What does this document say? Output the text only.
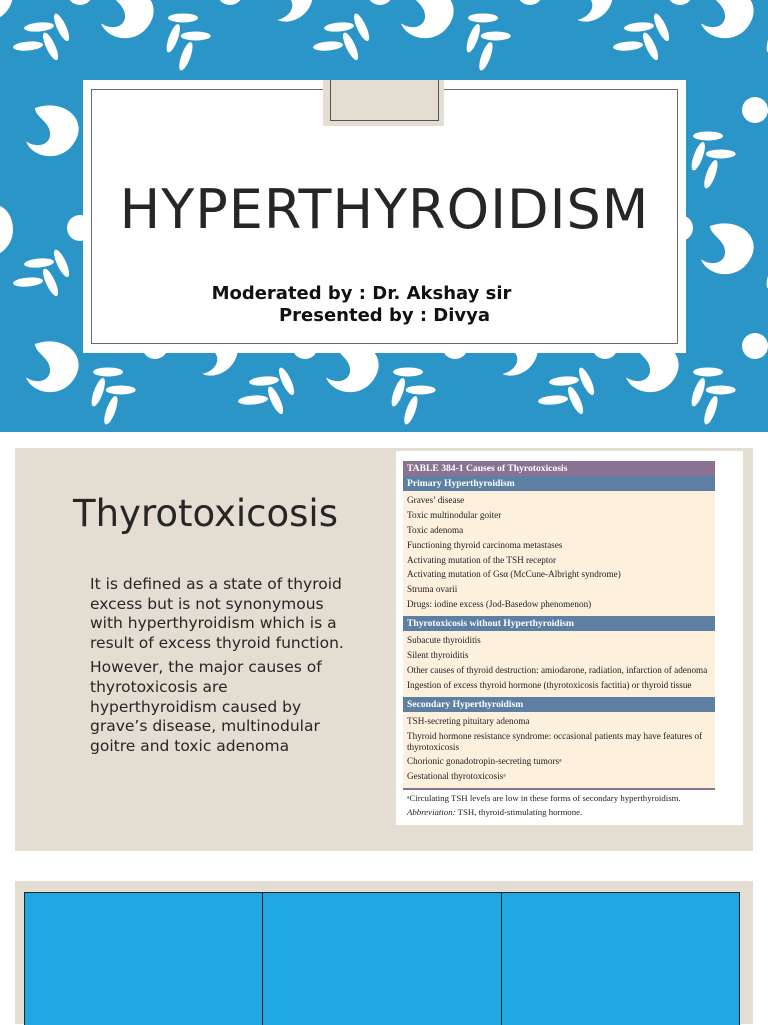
HYPERTHYROIDISM
Moderated by : Dr. Akshay sir
Presented by : Divya
Thyrotoxicosis

It is defined as a state of thyroid excess but is not synonymous with hyperthyroidism which is a result of excess thyroid function.

However, the major causes of thyrotoxicosis are hyperthyroidism caused by grave’s disease, multinodular goitre and toxic adenoma

TABLE 384-1 Causes of Thyrotoxicosis
Primary Hyperthyroidism
Graves’ disease
Toxic multinodular goiter
Toxic adenoma
Functioning thyroid carcinoma metastases
Activating mutation of the TSH receptor
Activating mutation of Gsα (McCune-Albright syndrome)
Struma ovarii
Drugs: iodine excess (Jod-Basedow phenomenon)
Thyrotoxicosis without Hyperthyroidism
Subacute thyroiditis
Silent thyroiditis
Other causes of thyroid destruction: amiodarone, radiation, infarction of adenoma
Ingestion of excess thyroid hormone (thyrotoxicosis factitia) or thyroid tissue
Secondary Hyperthyroidism
TSH-secreting pituitary adenoma
Thyroid hormone resistance syndrome: occasional patients may have features of thyrotoxicosis
Chorionic gonadotropin-secreting tumorsᵃ
Gestational thyrotoxicosisᵃ
ᵃCirculating TSH levels are low in these forms of secondary hyperthyroidism.
Abbreviation: TSH, thyroid-stimulating hormone.
